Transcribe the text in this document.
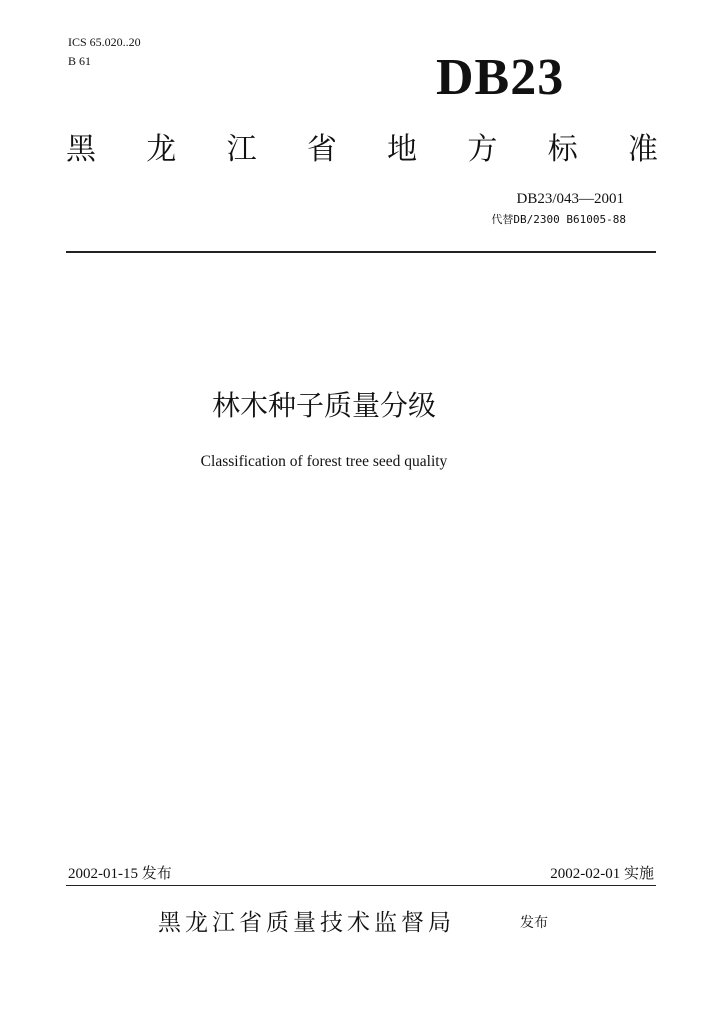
ICS 65.020..20
B 61	DB23
黑 龙 江 省 地 方 标 准
DB23/043—2001
代替DB/2300 B61005-88
林木种子质量分级
Classification of forest tree seed quality
2002-01-15 发布	2002-02-01 实施
黑龙江省质量技术监督局	发布
